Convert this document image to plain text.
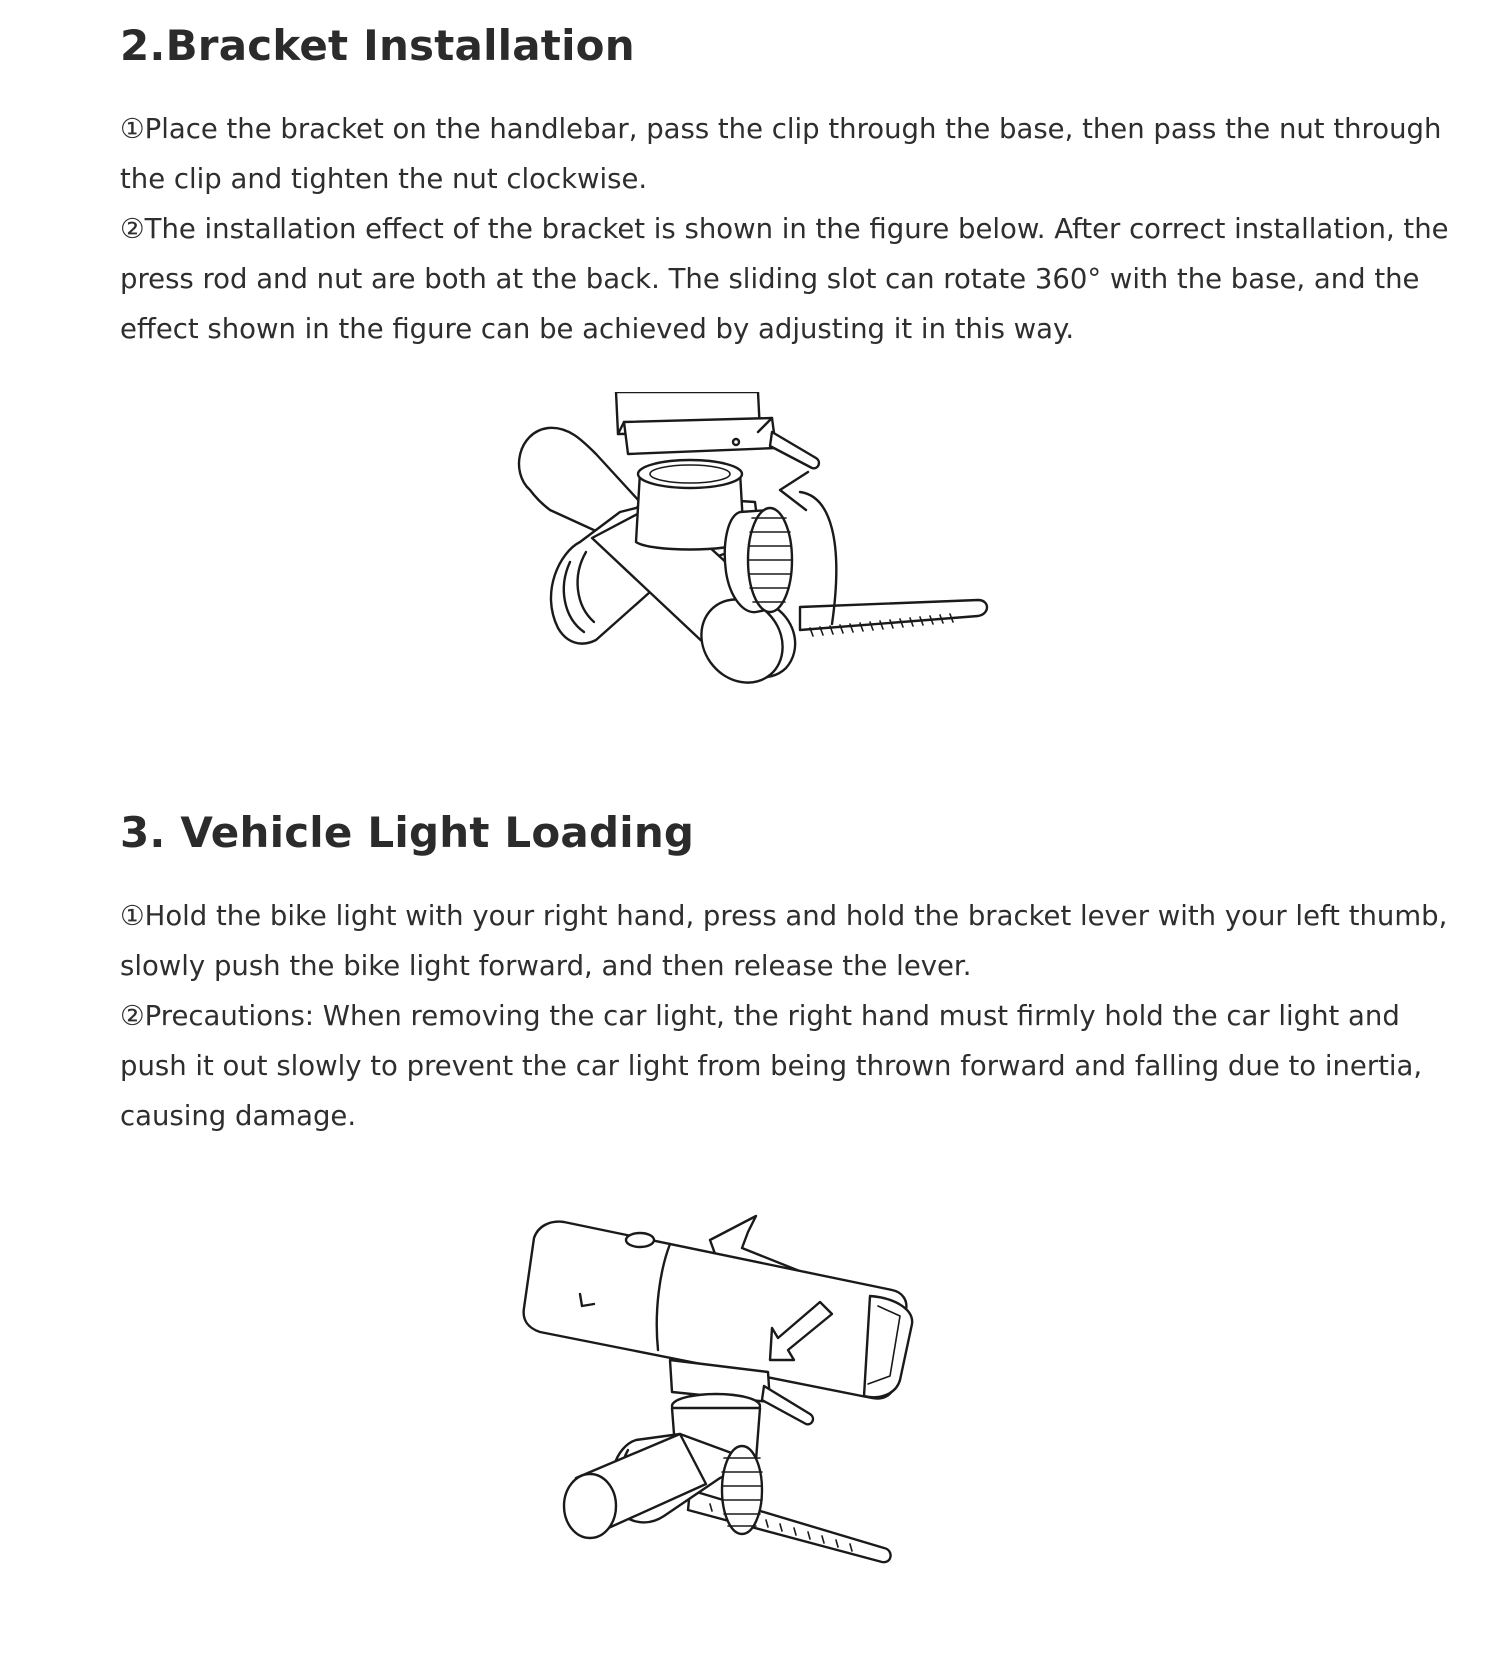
2.Bracket Installation

①Place the bracket on the handlebar, pass the clip through the base, then pass the nut through the clip and tighten the nut clockwise.

②The installation effect of the bracket is shown in the figure below. After correct installation, the press rod and nut are both at the back. The sliding slot can rotate 360° with the base, and the effect shown in the figure can be achieved by adjusting it in this way.

3. Vehicle Light Loading

①Hold the bike light with your right hand, press and hold the bracket lever with your left thumb, slowly push the bike light forward, and then release the lever.

②Precautions: When removing the car light, the right hand must firmly hold the car light and push it out slowly to prevent the car light from being thrown forward and falling due to inertia, causing damage.
